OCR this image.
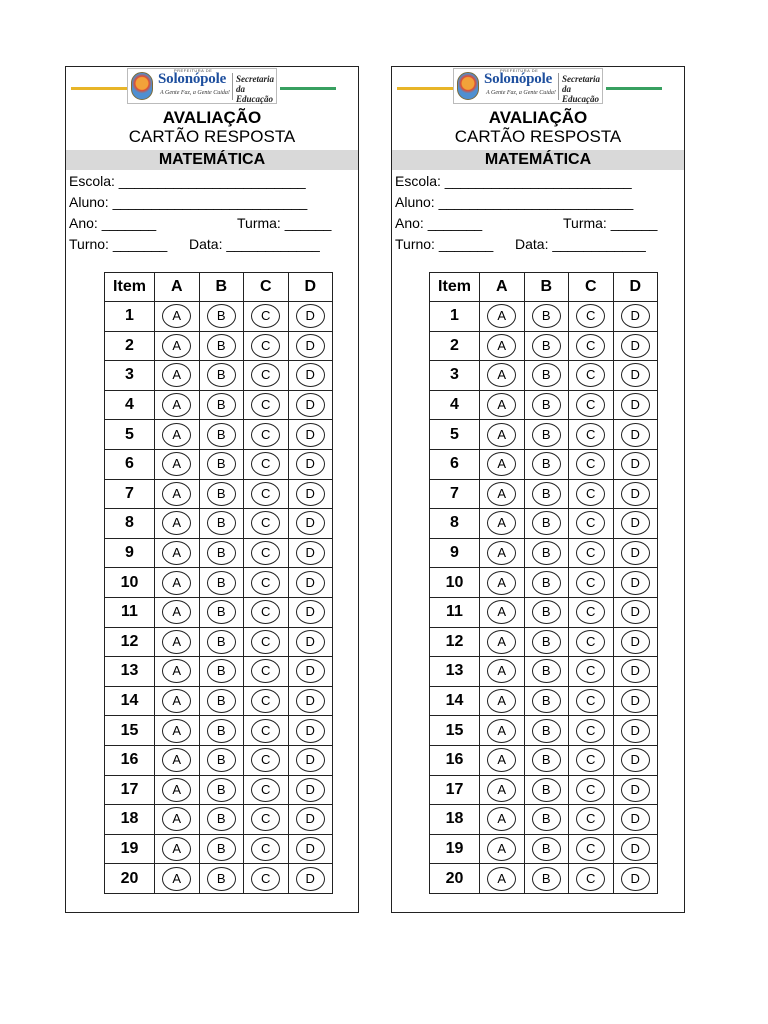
PREFEITURA DE
Solonópole
A Gente Faz, a Gente Cuida!
Secretaria
da Educação
AVALIAÇÃO
CARTÃO RESPOSTA
MATEMÁTICA
Escola: ________________________
Aluno: _________________________
Ano: _______	Turma: ______
Turno: _______ Data: ____________
Item	A	B	C	D
1	A	B	C	D
2	A	B	C	D
3	A	B	C	D
4	A	B	C	D
5	A	B	C	D
6	A	B	C	D
7	A	B	C	D
8	A	B	C	D
9	A	B	C	D
10	A	B	C	D
11	A	B	C	D
12	A	B	C	D
13	A	B	C	D
14	A	B	C	D
15	A	B	C	D
16	A	B	C	D
17	A	B	C	D
18	A	B	C	D
19	A	B	C	D
20	A	B	C	D
PREFEITURA DE
Solonópole
A Gente Faz, a Gente Cuida!
Secretaria
da Educação
AVALIAÇÃO
CARTÃO RESPOSTA
MATEMÁTICA
Escola: ________________________
Aluno: _________________________
Ano: _______	Turma: ______
Turno: _______ Data: ____________
Item	A	B	C	D
1	A	B	C	D
2	A	B	C	D
3	A	B	C	D
4	A	B	C	D
5	A	B	C	D
6	A	B	C	D
7	A	B	C	D
8	A	B	C	D
9	A	B	C	D
10	A	B	C	D
11	A	B	C	D
12	A	B	C	D
13	A	B	C	D
14	A	B	C	D
15	A	B	C	D
16	A	B	C	D
17	A	B	C	D
18	A	B	C	D
19	A	B	C	D
20	A	B	C	D
